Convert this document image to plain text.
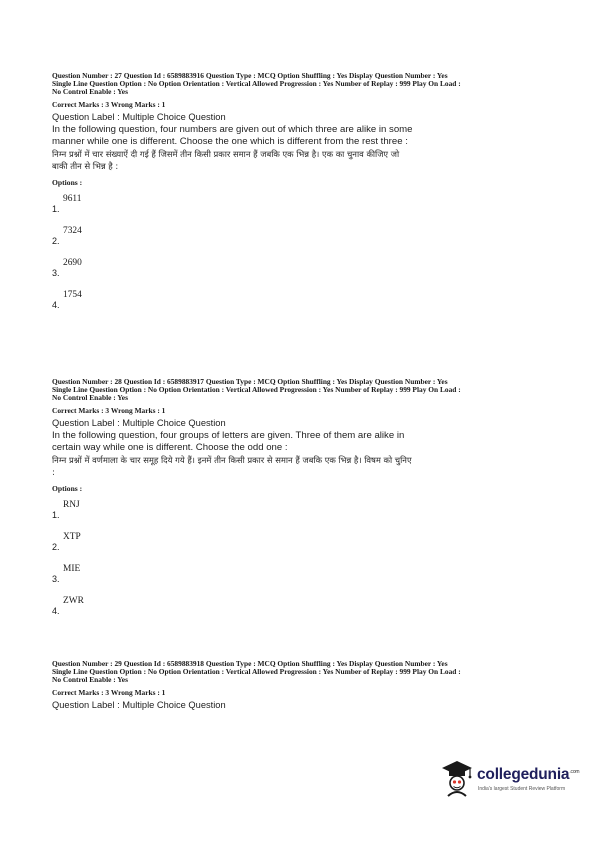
Question Number : 27 Question Id : 6589883916 Question Type : MCQ Option Shuffling : Yes Display Question Number : Yes

Single Line Question Option : No Option Orientation : Vertical Allowed Progression : Yes Number of Replay : 999 Play On Load :

No Control Enable : Yes

Correct Marks : 3 Wrong Marks : 1

Question Label : Multiple Choice Question

In the following question, four numbers are given out of which three are alike in some manner while one is different. Choose the one which is different from the rest three :

निम्न प्रश्नों में चार संख्याऐं दी गई हैं जिसमें तीन किसी प्रकार समान हैं जबकि एक भिन्न है। एक का चुनाव कीजिए जो बाकी तीन से भिन्न है :

Options :

1.
9611
2.
7324
3.
2690
4.
1754

Question Number : 28 Question Id : 6589883917 Question Type : MCQ Option Shuffling : Yes Display Question Number : Yes

Single Line Question Option : No Option Orientation : Vertical Allowed Progression : Yes Number of Replay : 999 Play On Load :

No Control Enable : Yes

Correct Marks : 3 Wrong Marks : 1

Question Label : Multiple Choice Question

In the following question, four groups of letters are given. Three of them are alike in certain way while one is different. Choose the odd one :

निम्न प्रश्नों में वर्णमाला के चार समूह दिये गये हैं। इनमें तीन किसी प्रकार से समान हैं जबकि एक भिन्न है। विषम को चुनिए :

Options :

1.
RNJ
2.
XTP
3.
MIE
4.
ZWR

Question Number : 29 Question Id : 6589883918 Question Type : MCQ Option Shuffling : Yes Display Question Number : Yes

Single Line Question Option : No Option Orientation : Vertical Allowed Progression : Yes Number of Replay : 999 Play On Load :

No Control Enable : Yes

Correct Marks : 3 Wrong Marks : 1

Question Label : Multiple Choice Question

collegedunia$^{.com}$
India's largest Student Review Platform
